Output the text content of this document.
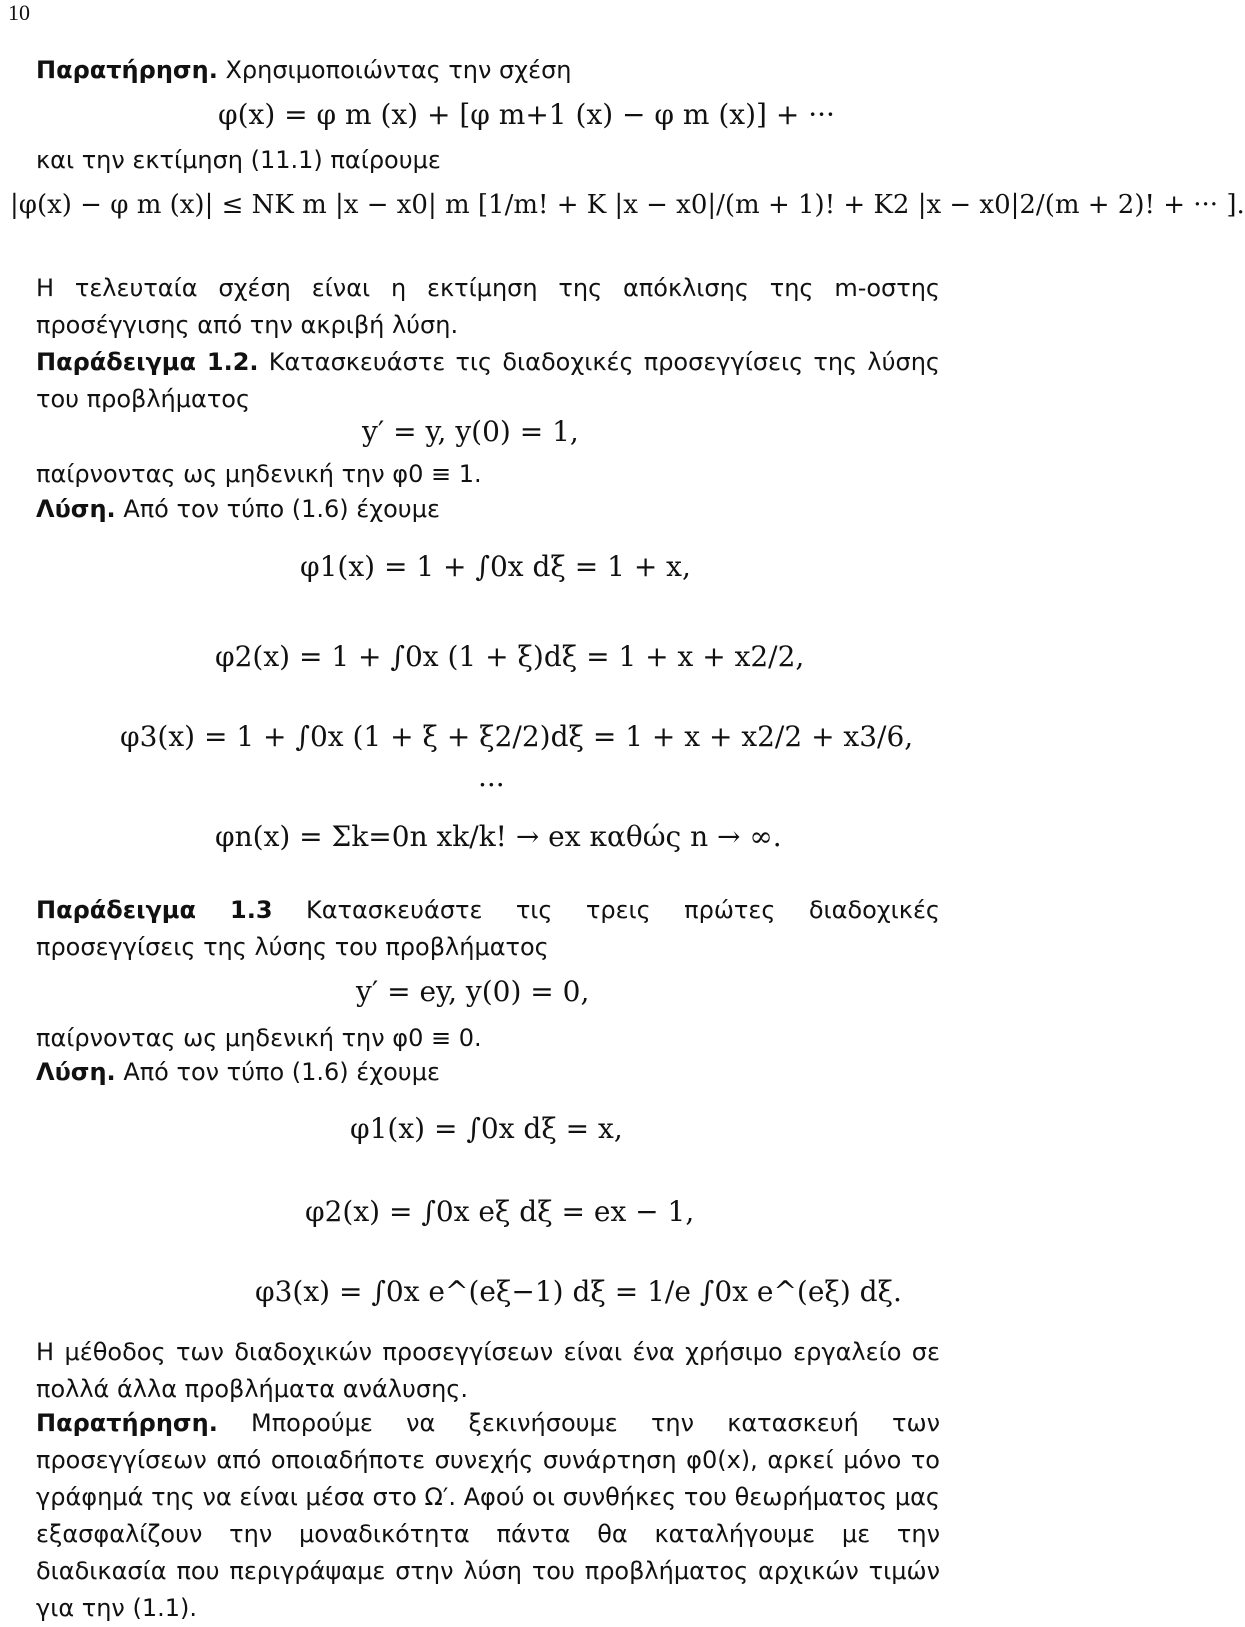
10
Παρατήρηση. Χρησιμοποιώντας την σχέση
φ(x) = φ m (x) + [φ m+1 (x) − φ m (x)] + ···
και την εκτίμηση (11.1) παίρουμε
|φ(x) − φ m (x)| ≤ NK m |x − x0| m [1/m! + K |x − x0|/(m + 1)! + K2 |x − x0|2/(m + 2)! + ··· ].
Η τελευταία σχέση είναι η εκτίμηση της απόκλισης της m-οστης προσέγγισης από την ακριβή λύση.
Παράδειγμα 1.2. Κατασκευάστε τις διαδοχικές προσεγγίσεις της λύσης του προβλήματος
y′ = y, y(0) = 1,
παίρνοντας ως μηδενική την φ0 ≡ 1.
Λύση. Από τον τύπο (1.6) έχουμε
φ1(x) = 1 + ∫0x dξ = 1 + x,
φ2(x) = 1 + ∫0x (1 + ξ)dξ = 1 + x + x2/2,
φ3(x) = 1 + ∫0x (1 + ξ + ξ2/2)dξ = 1 + x + x2/2 + x3/6,
...
φn(x) = Σk=0n xk/k! → ex καθώς n → ∞.
Παράδειγμα 1.3 Κατασκευάστε τις τρεις πρώτες διαδοχικές προσεγγίσεις της λύσης του προβλήματος
y′ = ey, y(0) = 0,
παίρνοντας ως μηδενική την φ0 ≡ 0.
Λύση. Από τον τύπο (1.6) έχουμε
φ1(x) = ∫0x dξ = x,
φ2(x) = ∫0x eξ dξ = ex − 1,
φ3(x) = ∫0x e^(eξ−1) dξ = 1/e ∫0x e^(eξ) dξ.
Η μέθοδος των διαδοχικών προσεγγίσεων είναι ένα χρήσιμο εργαλείο σε πολλά άλλα προβλήματα ανάλυσης.
Παρατήρηση. Μπορούμε να ξεκινήσουμε την κατασκευή των προσεγγίσεων από οποιαδήποτε συνεχής συνάρτηση φ0(x), αρκεί μόνο το γράφημά της να είναι μέσα στο Ω′. Αφού οι συνθήκες του θεωρήματος μας εξασφαλίζουν την μοναδικότητα πάντα θα καταλήγουμε με την διαδικασία που περιγράψαμε στην λύση του προβλήματος αρχικών τιμών για την (1.1).
